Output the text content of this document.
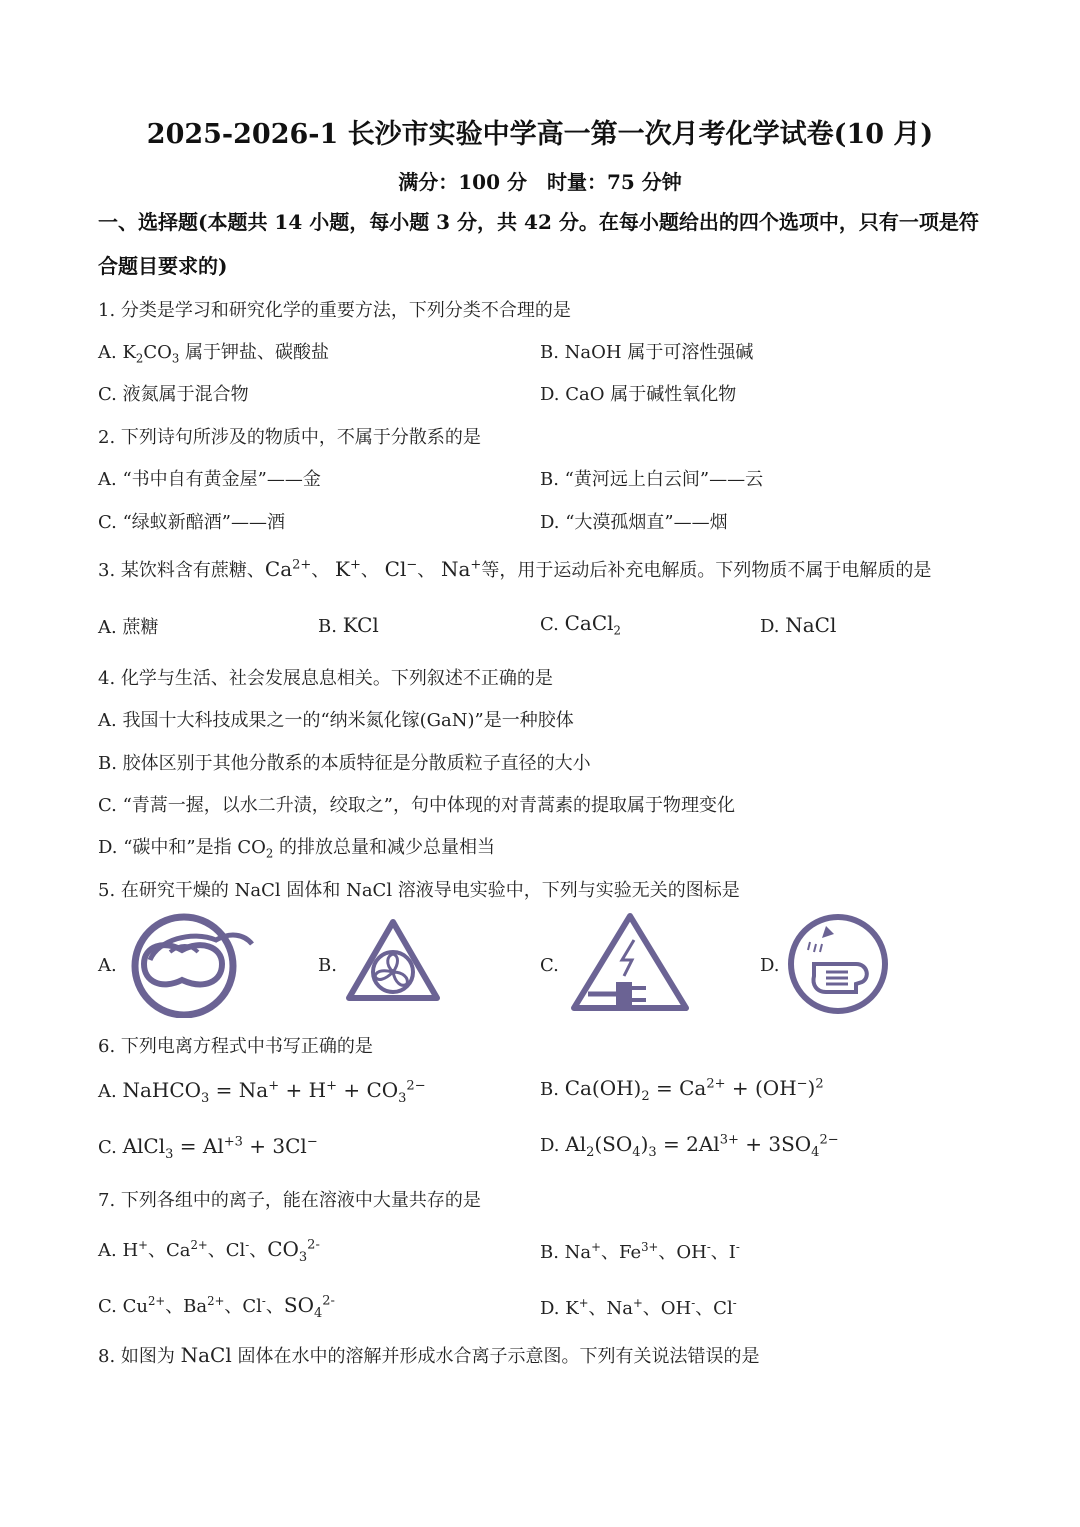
2025-2026-1 长沙市实验中学高一第一次月考化学试卷(10 月)
满分：100 分　时量：75 分钟
一、选择题(本题共 14 小题，每小题 3 分，共 42 分。在每小题给出的四个选项中，只有一项是符合题目要求的)
1. 分类是学习和研究化学的重要方法，下列分类不合理的是
A. $K_2CO_3$ 属于钾盐、碳酸盐	B. NaOH 属于可溶性强碱
C. 液氮属于混合物	D. CaO 属于碱性氧化物
2. 下列诗句所涉及的物质中，不属于分散系的是
A. “书中自有黄金屋”——金	B. “黄河远上白云间”——云
C. “绿蚁新醅酒”——酒	D. “大漠孤烟直”——烟
3. 某饮料含有蔗糖、$Ca^{2+}$、 K+、 Cl−、 Na+等，用于运动后补充电解质。下列物质不属于电解质的是
A. 蔗糖	B. KCl	C. CaCl$_2$	D. NaCl
4. 化学与生活、社会发展息息相关。下列叙述不正确的是
A. 我国十大科技成果之一的“纳米氮化镓(GaN)”是一种胶体
B. 胶体区别于其他分散系的本质特征是分散质粒子直径的大小
C. “青蒿一握，以水二升渍，绞取之”，句中体现的对青蒿素的提取属于物理变化
D. “碳中和”是指 $CO_2$ 的排放总量和减少总量相当
5. 在研究干燥的 NaCl 固体和 NaCl 溶液导电实验中，下列与实验无关的图标是
A.	B.	C.	D.
6. 下列电离方程式中书写正确的是
A. NaHCO$_3$ = $Na^+ + H^+ + CO_3^{2-}$	B. $Ca(OH)_2 = Ca^{2+} + (OH^-)^2$
C. AlCl$_3$ = $Al^{+3} + 3Cl^-$	D. $Al_2(SO_4)_3 = 2Al^{3+} + 3SO_4^{2-}$
7. 下列各组中的离子，能在溶液中大量共存的是
A. H+、$Ca^{2+}$、Cl-、$CO_3^{2-}$	B. Na+、$Fe^{3+}$、OH-、I-
C. $Cu^{2+}$、$Ba^{2+}$、Cl-、$SO_4^{2-}$	D. K+、Na+、OH-、Cl-
8. 如图为 NaCl 固体在水中的溶解并形成水合离子示意图。下列有关说法错误的是
